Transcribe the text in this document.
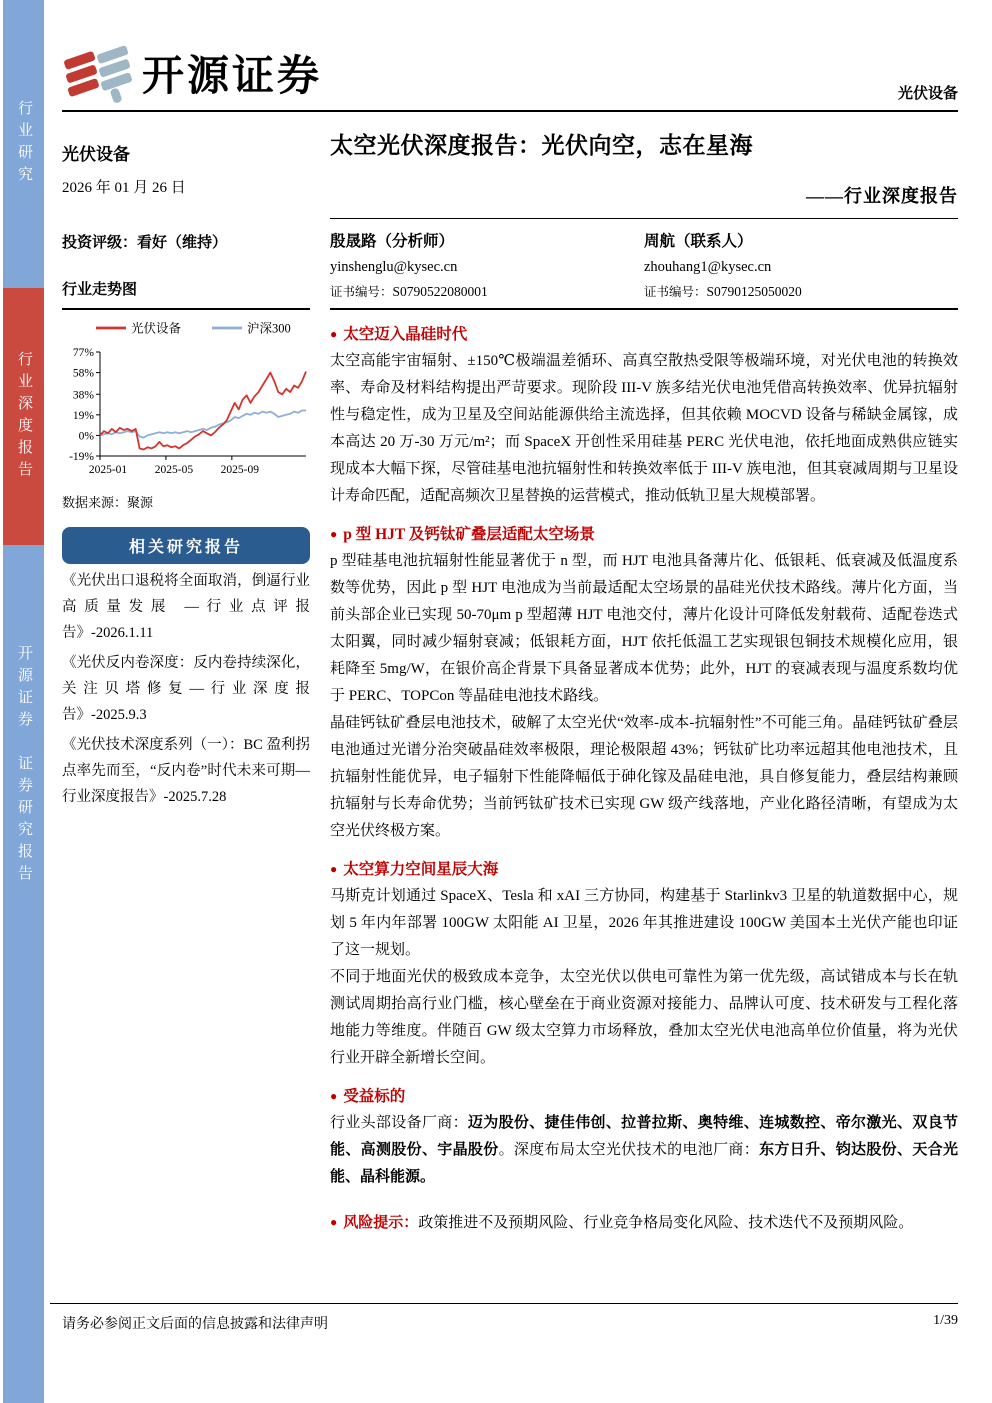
行业研究
行业深度报告
开源证券　证券研究报告
开源证券	光伏设备
光伏设备
2026 年 01 月 26 日
投资评级：看好（维持）
行业走势图
光伏设备	沪深300
77%
58%
38%
19%
0%
-19%
2025-01 2025-05 2025-09
数据来源：聚源
相关研究报告
《光伏出口退税将全面取消，倒逼行业高质量发展 —行业点评报告》-2026.1.11
《光伏反内卷深度：反内卷持续深化，关注贝塔修复—行业深度报告》-2025.9.3
《光伏技术深度系列（一）：BC 盈利拐点率先而至，“反内卷”时代未来可期—行业深度报告》-2025.7.28
太空光伏深度报告：光伏向空，志在星海
——行业深度报告
殷晟路（分析师）
yinshenglu@kysec.cn
证书编号：S0790522080001
周航（联系人）
zhouhang1@kysec.cn
证书编号：S0790125050020
● 太空迈入晶硅时代

太空高能宇宙辐射、±150℃极端温差循环、高真空散热受限等极端环境，对光伏电池的转换效率、寿命及材料结构提出严苛要求。现阶段 III-V 族多结光伏电池凭借高转换效率、优异抗辐射性与稳定性，成为卫星及空间站能源供给主流选择，但其依赖 MOCVD 设备与稀缺金属镓，成本高达 20 万-30 万元/m²；而 SpaceX 开创性采用硅基 PERC 光伏电池，依托地面成熟供应链实现成本大幅下探，尽管硅基电池抗辐射性和转换效率低于 III-V 族电池，但其衰减周期与卫星设计寿命匹配，适配高频次卫星替换的运营模式，推动低轨卫星大规模部署。

● p 型 HJT 及钙钛矿叠层适配太空场景

p 型硅基电池抗辐射性能显著优于 n 型，而 HJT 电池具备薄片化、低银耗、低衰减及低温度系数等优势，因此 p 型 HJT 电池成为当前最适配太空场景的晶硅光伏技术路线。薄片化方面，当前头部企业已实现 50-70μm p 型超薄 HJT 电池交付，薄片化设计可降低发射载荷、适配卷迭式太阳翼，同时减少辐射衰减；低银耗方面，HJT 依托低温工艺实现银包铜技术规模化应用，银耗降至 5mg/W，在银价高企背景下具备显著成本优势；此外，HJT 的衰减表现与温度系数均优于 PERC、TOPCon 等晶硅电池技术路线。

晶硅钙钛矿叠层电池技术，破解了太空光伏“效率-成本-抗辐射性”不可能三角。晶硅钙钛矿叠层电池通过光谱分治突破晶硅效率极限，理论极限超 43%；钙钛矿比功率远超其他电池技术，且抗辐射性能优异，电子辐射下性能降幅低于砷化镓及晶硅电池，具自修复能力，叠层结构兼顾抗辐射与长寿命优势；当前钙钛矿技术已实现 GW 级产线落地，产业化路径清晰，有望成为太空光伏终极方案。

● 太空算力空间星辰大海

马斯克计划通过 SpaceX、Tesla 和 xAI 三方协同，构建基于 Starlinkv3 卫星的轨道数据中心，规划 5 年内年部署 100GW 太阳能 AI 卫星，2026 年其推进建设 100GW 美国本土光伏产能也印证了这一规划。

不同于地面光伏的极致成本竞争，太空光伏以供电可靠性为第一优先级，高试错成本与长在轨测试周期抬高行业门槛，核心壁垒在于商业资源对接能力、品牌认可度、技术研发与工程化落地能力等维度。伴随百 GW 级太空算力市场释放，叠加太空光伏电池高单位价值量，将为光伏行业开辟全新增长空间。

● 受益标的

行业头部设备厂商：迈为股份、捷佳伟创、拉普拉斯、奥特维、连城数控、帝尔激光、双良节能、高测股份、宇晶股份。深度布局太空光伏技术的电池厂商：东方日升、钧达股份、天合光能、晶科能源。

● 风险提示：政策推进不及预期风险、行业竞争格局变化风险、技术迭代不及预期风险。

请务必参阅正文后面的信息披露和法律声明	1/39
